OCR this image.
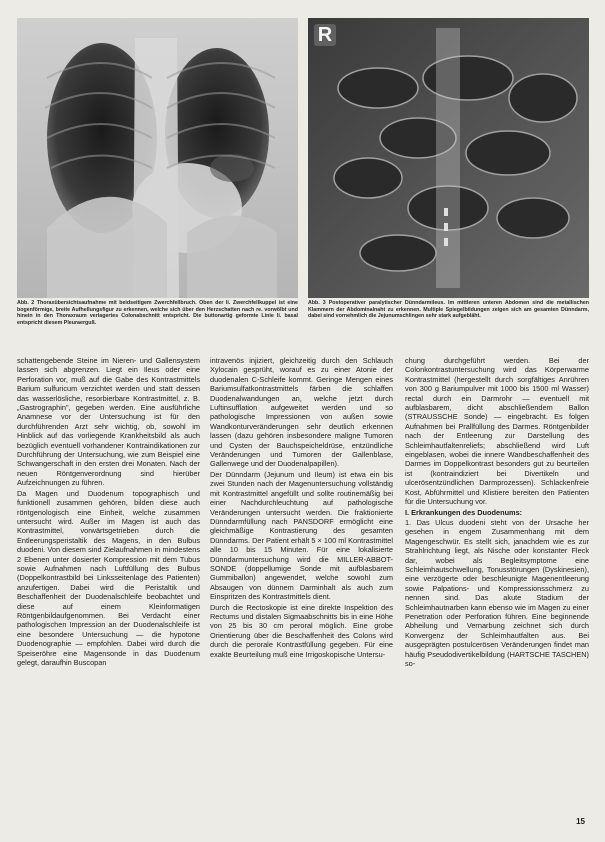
R
Abb. 2 Thoraxübersichtsaufnahme mit beidseitigem Zwerchfellbruch. Oben der li. Zwerchfellkuppel ist eine bogenförmige, breite Aufhellungsfigur zu erkennen, welche sich über den Herzschatten nach re. vorwölbt und hinein in den Thoraxraum verlagertes Colonabschnitt entspricht. Die buttonartig geformte Linie li. basal entspricht diesem Pleuraerguß.
Abb. 3 Postoperativer paralytischer Dünndarmileus. Im mittleren unteren Abdomen sind die metallischen Klammern der Abdominalnaht zu erkennen. Multiple Spiegelbildungen zeigen sich am gesamten Dünndarm, dabei sind vornehmlich die Jejunumschlingen sehr stark aufgebläht.

schattengebende Steine im Nieren- und Gallensystem lassen sich abgrenzen. Liegt ein Ileus oder eine Perforation vor, muß auf die Gabe des Kontrastmittels Barium sulfuricum verzichtet werden und statt dessen das wasserlösliche, resorbierbare Kontrastmittel, z. B. „Gastrographin", gegeben werden. Eine ausführliche Anamnese vor der Untersuchung ist für den durchführenden Arzt sehr wichtig, ob, sowohl im Hinblick auf das vorliegende Krankheitsbild als auch bezüglich eventuell vorhandener Kontraindikationen zur Durchführung der Untersuchung, wie zum Beispiel eine Schwangerschaft in den ersten drei Monaten. Nach der neuen Röntgenverordnung sind hierüber Aufzeichnungen zu führen.

Da Magen und Duodenum topographisch und funktionell zusammen gehören, bilden diese auch röntgenologisch eine Einheit, welche zusammen untersucht wird. Außer im Magen ist auch das Kontrastmittel, vorwärtsgetrieben durch die Entleerungsperistaltik des Magens, in den Bulbus duodeni. Von diesem sind Zielaufnahmen in mindestens 2 Ebenen unter dosierter Kompression mit dem Tubus sowie Aufnahmen nach Luftfüllung des Bulbus (Doppelkontrastbild bei Linksseitenlage des Patienten) anzufertigen. Dabei wird die Peristaltik und Beschaffenheit der Duodenalschleife beobachtet und diese auf einem Kleinformatigen Röntgenbildaufgenommen. Bei Verdacht einer pathologischen Impression an der Duodenalschleife ist eine besondere Untersuchung — die hypotone Duodenographie — empfohlen. Dabei wird durch die Speiseröhre eine Magensonde in das Duodenum gelegt, daraufhin Buscopan

intravenös injiziert, gleichzeitig durch den Schlauch Xylocain gesprüht, worauf es zu einer Atonie der duodenalen C-Schleife kommt. Geringe Mengen eines Bariumsulfatkontrastmittels färben die schlaffen Duodenalwandungen an, welche jetzt durch Luftinsufflation aufgeweitet werden und so pathologische Impressionen von außen sowie Wandkonturveränderungen sehr deutlich erkennen lassen (dazu gehören insbesondere maligne Tumoren und Cysten der Bauchspeicheldrüse, entzündliche Veränderungen und Tumoren der Gallenblase, Gallenwege und der Duodenalpapillen).

Der Dünndarm (Jejunum und Ileum) ist etwa ein bis zwei Stunden nach der Magenuntersuchung vollständig mit Kontrastmittel angefüllt und sollte routinemäßig bei einer Nachdurchleuchtung auf pathologische Veränderungen untersucht werden. Die fraktionierte Dünndarmfüllung nach PANSDORF ermöglicht eine gleichmäßige Kontrastierung des gesamten Dünndarms. Der Patient erhält 5 × 100 ml Kontrastmittel alle 10 bis 15 Minuten. Für eine lokalisierte Dünndarmuntersuchung wird die MILLER-ABBOT-SONDE (doppellumige Sonde mit aufblasbarem Gummiballon) angewendet, welche sowohl zum Absaugen von dünnem Darminhalt als auch zum Einspritzen des Kontrastmittels dient.

Durch die Rectoskopie ist eine direkte Inspektion des Rectums und distalen Sigmaabschnitts bis in eine Höhe von 25 bis 30 cm peroral möglich. Eine grobe Orientierung über die Beschaffenheit des Colons wird durch die perorale Kontrastfüllung gegeben. Für eine exakte Beurteilung muß eine Irrigoskopische Untersu-

chung durchgeführt werden. Bei der Colonkontrastuntersuchung wird das Körperwarme Kontrastmittel (hergestellt durch sorgfältiges Anrühren von 300 g Bariumpulver mit 1000 bis 1500 ml Wasser) rectal durch ein Darmrohr — eventuell mit aufblasbarem, dicht abschließendem Ballon (STRAUSSCHE Sonde) — eingebracht. Es folgen Aufnahmen bei Prallfüllung des Darmes. Röntgenbilder nach der Entleerung zur Darstellung des Schleimhautfaltenreliefs; abschließend wird Luft eingeblasen, wobei die innere Wandbeschaffenheit des Darmes im Doppelkontrast besonders gut zu beurteilen ist (kontraindiziert bei Divertikeln und ulcerösentzündlichen Darmprozessen). Schlackenfreie Kost, Abführmittel und Klistiere bereiten den Patienten für die Untersuchung vor.

I. Erkrankungen des Duodenums:

1. Das Ulcus duodeni steht von der Ursache her gesehen in engem Zusammenhang mit dem Magengeschwür. Es stellt sich, janachdem wie es zur Strahlrichtung liegt, als Nische oder konstanter Fleck dar, wobei als Begleitsymptome eine Schleimhautschwellung, Tonusstörungen (Dyskinesien), eine verzögerte oder beschleunigte Magenentleerung sowie Palpations- und Kompressionsschmerz zu nennen sind. Das akute Stadium der Schleimhautnarben kann ebenso wie im Magen zu einer Penetration oder Perforation führen. Eine beginnende Abheilung und Vernarbung zeichnet sich durch Konvergenz der Schleimhautfalten aus. Bei ausgeprägten postulcerösen Veränderungen findet man häufig Pseudodivertikelbildung (HARTSCHE TASCHEN) so-

15
